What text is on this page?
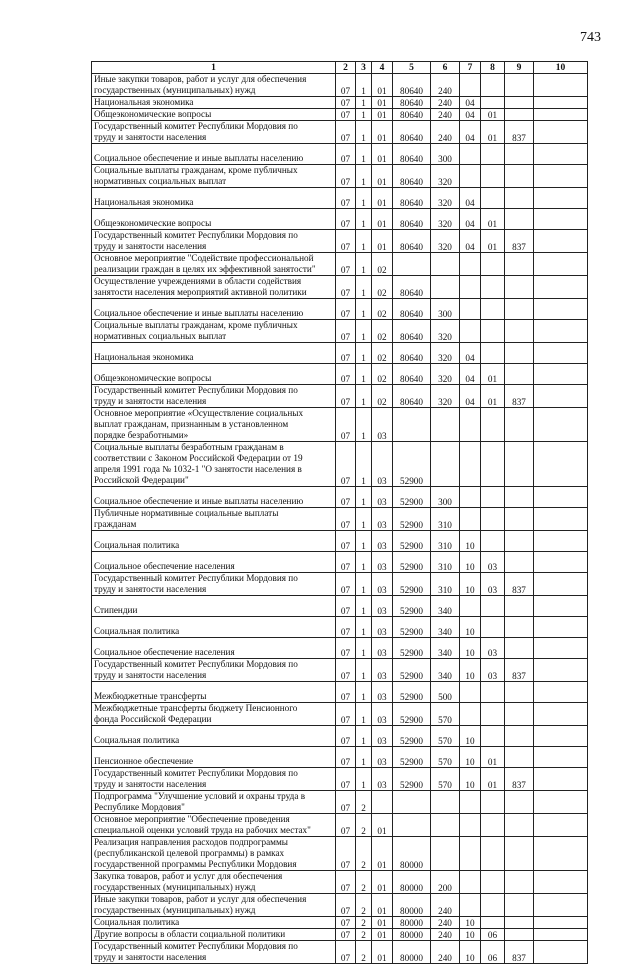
743
1	2	3	4	5	6	7	8	9	10	

Иные закупки товаров, работ и услуг для обеспечения
государственных (муниципальных) нужд	07	1	01	80640	240					

Национальная экономика	07	1	01	80640	240	04				

Общеэкономические вопросы	07	1	01	80640	240	04	01			

Государственный комитет Республики Мордовия по
труду и занятости населения	07	1	01	80640	240	04	01	837		

Социальное обеспечение и иные выплаты населению	07	1	01	80640	300					

Социальные выплаты гражданам, кроме публичных
нормативных социальных выплат	07	1	01	80640	320					

Национальная экономика	07	1	01	80640	320	04				

Общеэкономические вопросы	07	1	01	80640	320	04	01			

Государственный комитет Республики Мордовия по
труду и занятости населения	07	1	01	80640	320	04	01	837		

Основное мероприятие "Содействие профессиональной
реализации граждан в целях их эффективной занятости"	07	1	02							

Осуществление учреждениями в области содействия
занятости населения мероприятий активной политики	07	1	02	80640						

Социальное обеспечение и иные выплаты населению	07	1	02	80640	300					

Социальные выплаты гражданам, кроме публичных
нормативных социальных выплат	07	1	02	80640	320					

Национальная экономика	07	1	02	80640	320	04				

Общеэкономические вопросы	07	1	02	80640	320	04	01			

Государственный комитет Республики Мордовия по
труду и занятости населения	07	1	02	80640	320	04	01	837		

Основное мероприятие «Осуществление социальных
выплат гражданам, признанным в установленном
порядке безработными»	07	1	03							

Социальные выплаты безработным гражданам в
соответствии с Законом Российской Федерации от 19
апреля 1991 года № 1032-1 "О занятости населения в
Российской Федерации"	07	1	03	52900						

Социальное обеспечение и иные выплаты населению	07	1	03	52900	300					

Публичные нормативные социальные выплаты
гражданам	07	1	03	52900	310					

Социальная политика	07	1	03	52900	310	10				

Социальное обеспечение населения	07	1	03	52900	310	10	03			

Государственный комитет Республики Мордовия по
труду и занятости населения	07	1	03	52900	310	10	03	837		

Стипендии	07	1	03	52900	340					

Социальная политика	07	1	03	52900	340	10				

Социальное обеспечение населения	07	1	03	52900	340	10	03			

Государственный комитет Республики Мордовия по
труду и занятости населения	07	1	03	52900	340	10	03	837		

Межбюджетные трансферты	07	1	03	52900	500					

Межбюджетные трансферты бюджету Пенсионного
фонда Российской Федерации	07	1	03	52900	570					

Социальная политика	07	1	03	52900	570	10				

Пенсионное обеспечение	07	1	03	52900	570	10	01			

Государственный комитет Республики Мордовия по
труду и занятости населения	07	1	03	52900	570	10	01	837		

Подпрограмма "Улучшение условий и охраны труда в
Республике Мордовия"	07	2								

Основное мероприятие "Обеспечение проведения
специальной оценки условий труда на рабочих местах"	07	2	01							

Реализация направления расходов подпрограммы
(республиканской целевой программы) в рамках
государственной программы Республики Мордовия	07	2	01	80000						

Закупка товаров, работ и услуг для обеспечения
государственных (муниципальных) нужд	07	2	01	80000	200					

Иные закупки товаров, работ и услуг для обеспечения
государственных (муниципальных) нужд	07	2	01	80000	240					

Социальная политика	07	2	01	80000	240	10				

Другие вопросы в области социальной политики	07	2	01	80000	240	10	06			

Государственный комитет Республики Мордовия по
труду и занятости населения	07	2	01	80000	240	10	06	837		
